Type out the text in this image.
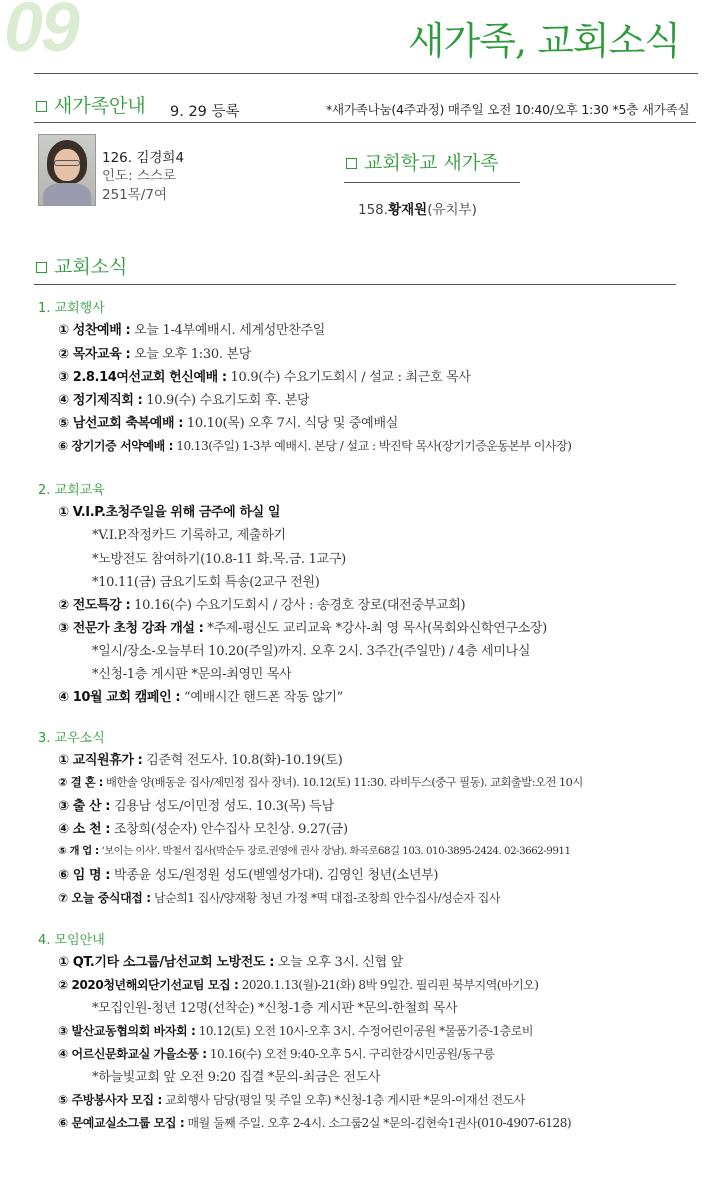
09	새가족, 교회소식
새가족안내 9. 29 등록	*새가족나눔(4주과정) 매주일 오전 10:40/오후 1:30 *5층 새가족실
126. 김경희4
인도: 스스로
251목/7여
교회학교 새가족
158.황재원(유치부)
교회소식
1. 교회행사
① 성찬예배 : 오늘 1-4부예배시. 세계성만찬주일
② 목자교육 : 오늘 오후 1:30. 본당
③ 2.8.14여선교회 헌신예배 : 10.9(수) 수요기도회시 / 설교 : 최근호 목사
④ 정기제직회 : 10.9(수) 수요기도회 후. 본당
⑤ 남선교회 축복예배 : 10.10(목) 오후 7시. 식당 및 중예배실
⑥ 장기기증 서약예배 : 10.13(주일) 1-3부 예배시. 본당 / 설교 : 박진탁 목사(장기기증운동본부 이사장)
2. 교회교육
① V.I.P.초청주일을 위해 금주에 하실 일
*V.I.P.작정카드 기록하고, 제출하기
*노방전도 참여하기(10.8-11 화.목.금. 1교구)
*10.11(금) 금요기도회 특송(2교구 전원)
② 전도특강 : 10.16(수) 수요기도회시 / 강사 : 송경호 장로(대전중부교회)
③ 전문가 초청 강좌 개설 : *주제-평신도 교리교육 *강사-최 영 목사(목회와신학연구소장)
*일시/장소-오늘부터 10.20(주일)까지. 오후 2시. 3주간(주일만) / 4층 세미나실
*신청-1층 게시판 *문의-최영민 목사
④ 10월 교회 캠페인 : “예배시간 핸드폰 작동 않기”
3. 교우소식
① 교직원휴가 : 김준혁 전도사. 10.8(화)-10.19(토)
② 결 혼 : 배한솔 양(배동운 집사/제민정 집사 장녀). 10.12(토) 11:30. 라비두스(중구 필동). 교회출발:오전 10시
③ 출 산 : 김용남 성도/이민정 성도. 10.3(목) 득남
④ 소 천 : 조창희(성순자) 안수집사 모친상. 9.27(금)
⑤ 개 업 : ‘보이는 이사’. 박철서 집사(박순두 장로.권영애 권사 장남). 화곡로68길 103. 010-3895-2424. 02-3662-9911
⑥ 임 명 : 박종윤 성도/원정원 성도(벧엘성가대). 김영인 청년(소년부)
⑦ 오늘 중식대접 : 남순희1 집사/양재황 청년 가정 *떡 대접-조창희 안수집사/성순자 집사
4. 모임안내
① QT.기타 소그룹/남선교회 노방전도 : 오늘 오후 3시. 신협 앞
② 2020청년해외단기선교팀 모집 : 2020.1.13(월)-21(화) 8박 9일간. 필리핀 북부지역(바기오)
*모집인원-청년 12명(선착순) *신청-1층 게시판 *문의-한철희 목사
③ 발산교동협의회 바자회 : 10.12(토) 오전 10시-오후 3시. 수정어린이공원 *물품기증-1층로비
④ 어르신문화교실 가을소풍 : 10.16(수) 오전 9:40-오후 5시. 구리한강시민공원/동구릉
*하늘빛교회 앞 오전 9:20 집결 *문의-최금은 전도사
⑤ 주방봉사자 모집 : 교회행사 담당(평일 및 주일 오후) *신청-1층 게시판 *문의-이재선 전도사
⑥ 문예교실소그룹 모집 : 매월 둘째 주일. 오후 2-4시. 소그룹2실 *문의-김현숙1권사(010-4907-6128)
